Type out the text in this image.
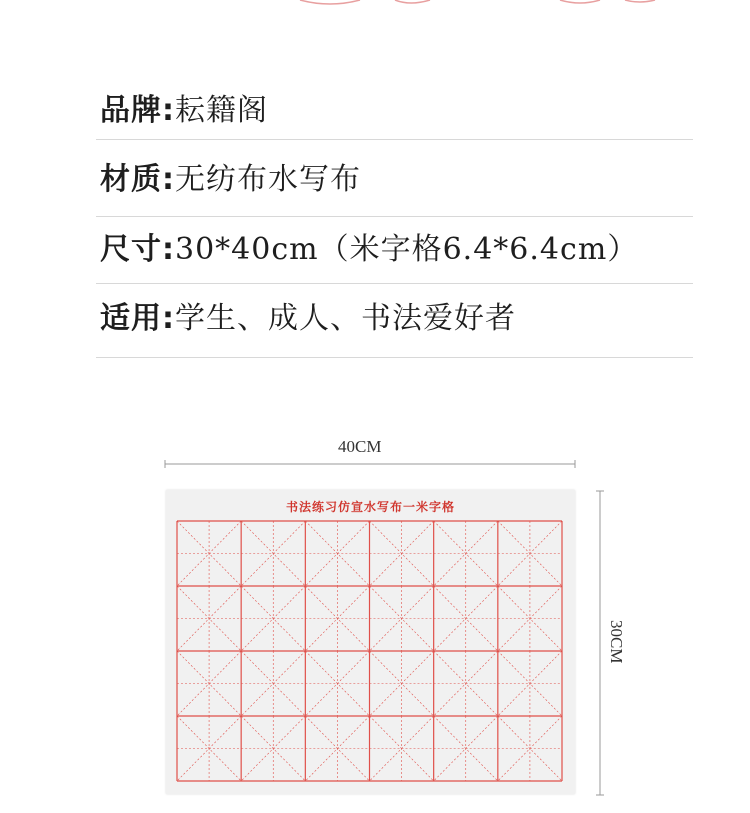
品牌:耘籍阁
材质:无纺布水写布
尺寸:30*40cm（米字格6.4*6.4cm）
适用:学生、成人、书法爱好者
40CM
30CM
书法练习仿宣水写布一米字格
